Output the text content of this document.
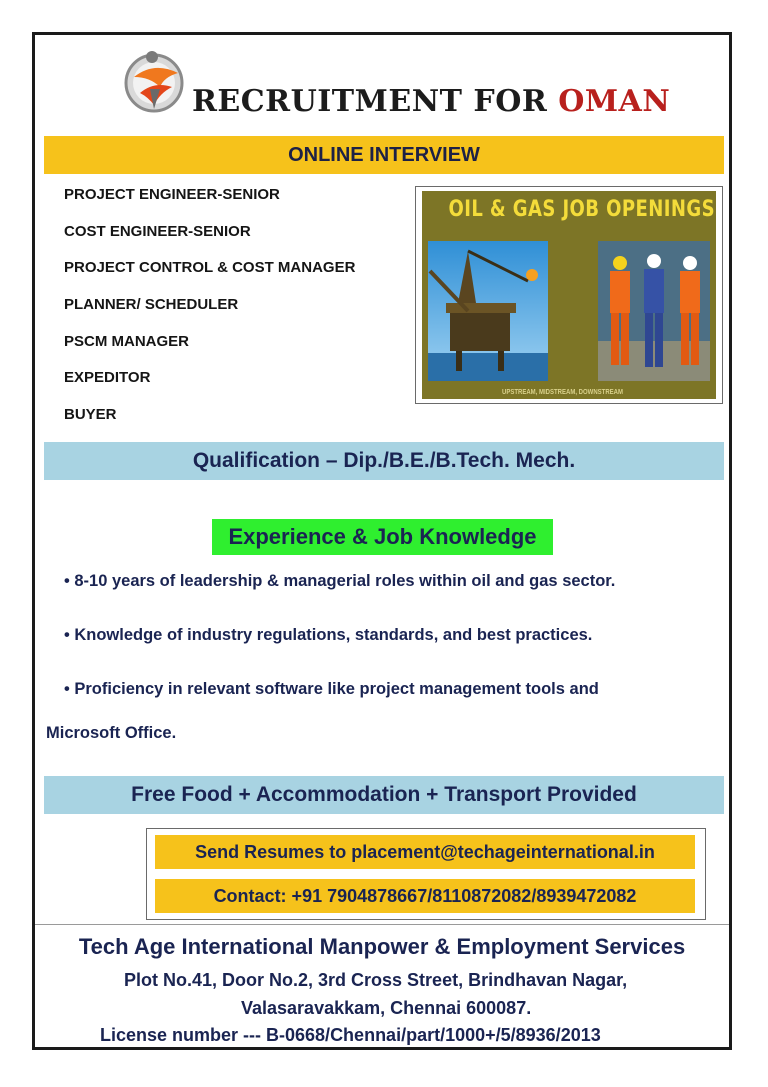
RECRUITMENT FOR OMAN
ONLINE INTERVIEW
PROJECT ENGINEER-SENIOR
COST ENGINEER-SENIOR
PROJECT CONTROL & COST MANAGER
PLANNER/ SCHEDULER
PSCM MANAGER
EXPEDITOR
BUYER
OIL & GAS JOB OPENINGS
UPSTREAM, MIDSTREAM, DOWNSTREAM
Qualification – Dip./B.E./B.Tech. Mech.
Experience & Job Knowledge
• 8-10 years of leadership & managerial roles within oil and gas sector.
• Knowledge of industry regulations, standards, and best practices.
• Proficiency in relevant software like project management tools and
Microsoft Office.
Free Food + Accommodation + Transport Provided
Send Resumes to placement@techageinternational.in
Contact: +91 7904878667/8110872082/8939472082
Tech Age International Manpower & Employment Services
Plot No.41, Door No.2, 3rd Cross Street, Brindhavan Nagar,
Valasaravakkam, Chennai 600087.
License number --- B-0668/Chennai/part/1000+/5/8936/2013
